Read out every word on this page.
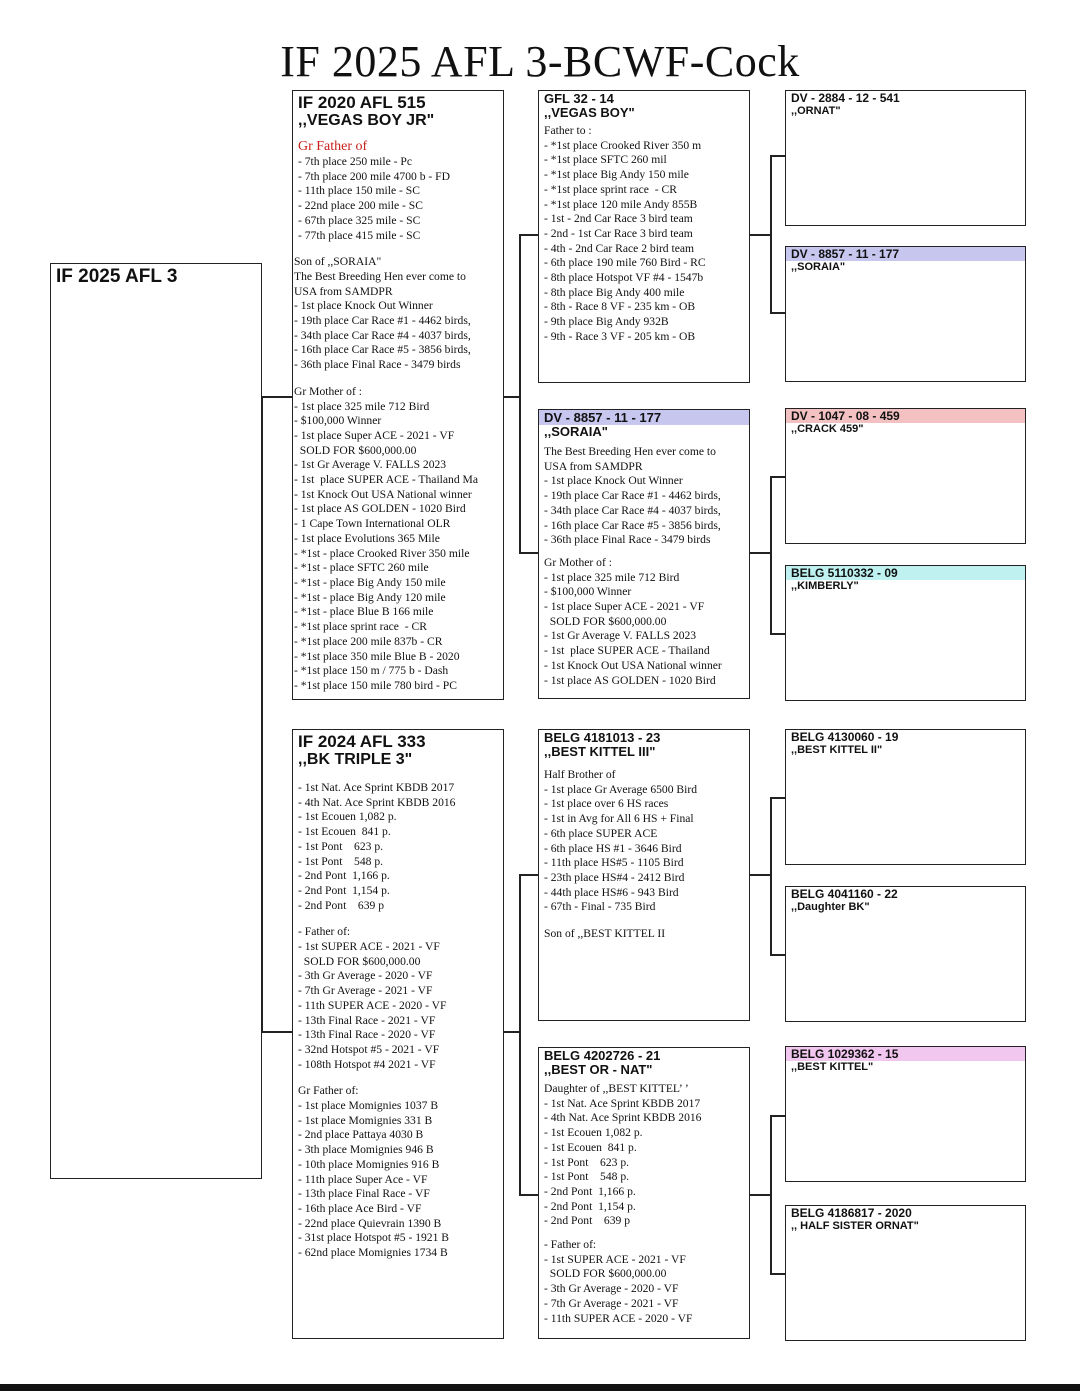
IF 2025 AFL 3-BCWF-Cock
IF 2025 AFL 3
IF 2020 AFL 515
,,VEGAS BOY JR"
Gr Father of
- 7th place 250 mile - Pc
- 7th place 200 mile 4700 b - FD
- 11th place 150 mile - SC
- 22nd place 200 mile - SC
- 67th place 325 mile - SC
- 77th place 415 mile - SC
Son of ,,SORAIA"
The Best Breeding Hen ever come to
USA from SAMDPR
- 1st place Knock Out Winner
- 19th place Car Race #1 - 4462 birds,
- 34th place Car Race #4 - 4037 birds,
- 16th place Car Race #5 - 3856 birds,
- 36th place Final Race - 3479 birds
Gr Mother of :
- 1st place 325 mile 712 Bird
- $100,000 Winner
- 1st place Super ACE - 2021 - VF
SOLD FOR $600,000.00
- 1st Gr Average V. FALLS 2023
- 1st  place SUPER ACE - Thailand Ma
- 1st Knock Out USA National winner
- 1st place AS GOLDEN - 1020 Bird
- 1 Cape Town International OLR
- 1st place Evolutions 365 Mile
- *1st - place Crooked River 350 mile
- *1st - place SFTC 260 mile
- *1st - place Big Andy 150 mile
- *1st - place Big Andy 120 mile
- *1st - place Blue B 166 mile
- *1st place sprint race  - CR
- *1st place 200 mile 837b - CR
- *1st place 350 mile Blue B - 2020
- *1st place 150 m / 775 b - Dash
- *1st place 150 mile 780 bird - PC
IF 2024 AFL 333
,,BK TRIPLE 3"
- 1st Nat. Ace Sprint KBDB 2017
- 4th Nat. Ace Sprint KBDB 2016
- 1st Ecouen 1,082 p.
- 1st Ecouen  841 p.
- 1st Pont    623 p.
- 1st Pont    548 p.
- 2nd Pont  1,166 p.
- 2nd Pont  1,154 p.
- 2nd Pont    639 p
- Father of:
- 1st SUPER ACE - 2021 - VF
SOLD FOR $600,000.00
- 3th Gr Average - 2020 - VF
- 7th Gr Average - 2021 - VF
- 11th SUPER ACE - 2020 - VF
- 13th Final Race - 2021 - VF
- 13th Final Race - 2020 - VF
- 32nd Hotspot #5 - 2021 - VF
- 108th Hotspot #4 2021 - VF
Gr Father of:
- 1st place Momignies 1037 B
- 1st place Momignies 331 B
- 2nd place Pattaya 4030 B
- 3th place Momignies 946 B
- 10th place Momignies 916 B
- 11th place Super Ace - VF
- 13th place Final Race - VF
- 16th place Ace Bird - VF
- 22nd place Quievrain 1390 B
- 31st place Hotspot #5 - 1921 B
- 62nd place Momignies 1734 B
GFL 32 - 14
,,VEGAS BOY"
Father to :
- *1st place Crooked River 350 m
- *1st place SFTC 260 mil
- *1st place Big Andy 150 mile
- *1st place sprint race  - CR
- *1st place 120 mile Andy 855B
- 1st - 2nd Car Race 3 bird team
- 2nd - 1st Car Race 3 bird team
- 4th - 2nd Car Race 2 bird team
- 6th place 190 mile 760 Bird - RC
- 8th place Hotspot VF #4 - 1547b
- 8th place Big Andy 400 mile
- 8th - Race 8 VF - 235 km - OB
- 9th place Big Andy 932B
- 9th - Race 3 VF - 205 km - OB
DV - 8857 - 11 - 177
,,SORAIA"
The Best Breeding Hen ever come to
USA from SAMDPR
- 1st place Knock Out Winner
- 19th place Car Race #1 - 4462 birds,
- 34th place Car Race #4 - 4037 birds,
- 16th place Car Race #5 - 3856 birds,
- 36th place Final Race - 3479 birds
Gr Mother of :
- 1st place 325 mile 712 Bird
- $100,000 Winner
- 1st place Super ACE - 2021 - VF
SOLD FOR $600,000.00
- 1st Gr Average V. FALLS 2023
- 1st  place SUPER ACE - Thailand
- 1st Knock Out USA National winner
- 1st place AS GOLDEN - 1020 Bird
BELG 4181013 - 23
,,BEST KITTEL III"
Half Brother of
- 1st place Gr Average 6500 Bird
- 1st place over 6 HS races
- 1st in Avg for All 6 HS + Final
- 6th place SUPER ACE
- 6th place HS #1 - 3646 Bird
- 11th place HS#5 - 1105 Bird
- 23th place HS#4 - 2412 Bird
- 44th place HS#6 - 943 Bird
- 67th - Final - 735 Bird
Son of ,,BEST KITTEL II
BELG 4202726 - 21
,,BEST OR - NAT"
Daughter of ,,BEST KITTEL’ ’
- 1st Nat. Ace Sprint KBDB 2017
- 4th Nat. Ace Sprint KBDB 2016
- 1st Ecouen 1,082 p.
- 1st Ecouen  841 p.
- 1st Pont    623 p.
- 1st Pont    548 p.
- 2nd Pont  1,166 p.
- 2nd Pont  1,154 p.
- 2nd Pont    639 p
- Father of:
- 1st SUPER ACE - 2021 - VF
SOLD FOR $600,000.00
- 3th Gr Average - 2020 - VF
- 7th Gr Average - 2021 - VF
- 11th SUPER ACE - 2020 - VF
DV - 2884 - 12 - 541
,,ORNAT"
DV - 8857 - 11 - 177
,,SORAIA"
DV - 1047 - 08 - 459
,,CRACK 459"
BELG 5110332 - 09
,,KIMBERLY"
BELG 4130060 - 19
,,BEST KITTEL II"
BELG 4041160 - 22
,,Daughter BK"
BELG 1029362 - 15
,,BEST KITTEL"
BELG 4186817 - 2020
,, HALF SISTER ORNAT"
